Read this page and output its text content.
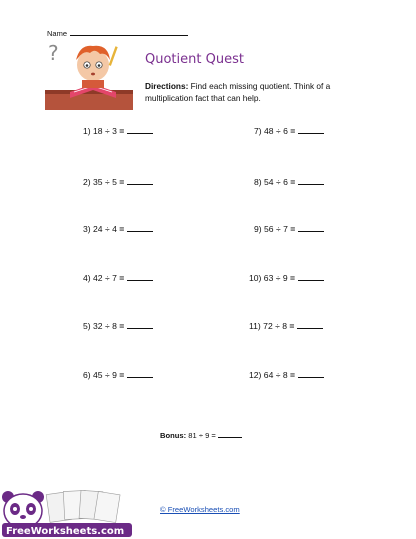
Name
?	Quotient Quest
Directions: Find each missing quotient. Think of a multiplication fact that can help.
1) 18 ÷ 3 =
2) 35 ÷ 5 =
3) 24 ÷ 4 =
4) 42 ÷ 7 =
5) 32 ÷ 8 =
6) 45 ÷ 9 =
7) 48 ÷ 6 =
8) 54 ÷ 6 =
9) 56 ÷ 7 =
10) 63 ÷ 9 =
11) 72 ÷ 8 =
12) 64 ÷ 8 =
Bonus: 81 ÷ 9 =
FreeWorksheets.com
© FreeWorksheets.com
